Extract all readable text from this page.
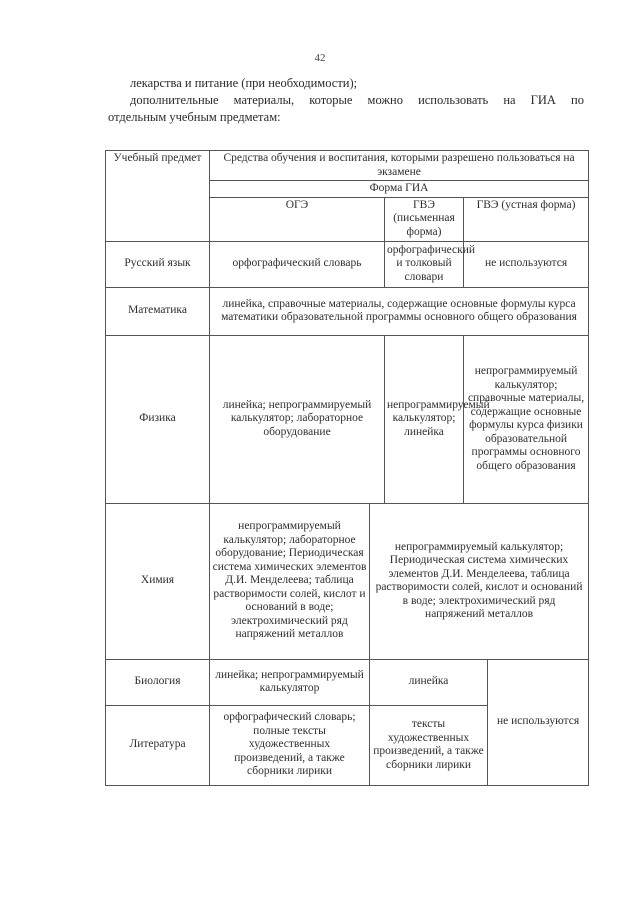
42

лекарства и питание (при необходимости);

дополнительные материалы, которые можно использовать на ГИА по

отдельным учебным предметам:

Учебный предмет	Средства обучения и воспитания, которыми разрешено пользоваться на экзамене				
	Форма ГИА				
	ОГЭ		ГВЭ (письменная форма)	ГВЭ (устная форма)	
Русский язык	орфографический словарь		орфографический и толковый словари	не используются	
Математика	линейка, справочные материалы, содержащие основные формулы курса математики образовательной программы основного общего образования				
Физика	линейка; непрограммируемый калькулятор; лабораторное оборудование		непрограммируемый калькулятор; линейка	непрограммируемый калькулятор; справочные материалы, содержащие основные формулы курса физики образовательной программы основного общего образования	
Химия	непрограммируемый калькулятор; лабораторное оборудование; Периодическая система химических элементов Д.И. Менделеева; таблица растворимости солей, кислот и оснований в воде; электрохимический ряд напряжений металлов	непрограммируемый калькулятор; Периодическая система химических элементов Д.И. Менделеева, таблица растворимости солей, кислот и оснований в воде; электрохимический ряд напряжений металлов			
Биология	линейка; непрограммируемый калькулятор	линейка			не используются
Литература	орфографический словарь; полные тексты художественных произведений, а также сборники лирики	тексты художественных произведений, а также сборники лирики			
